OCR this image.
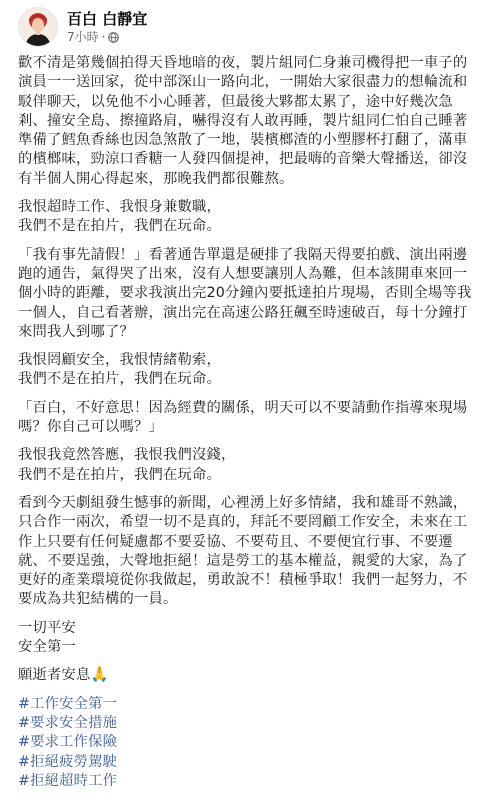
百白 白靜宜
7小時 ·

歡不清是第幾個拍得天昏地暗的夜，製片組同仁身兼司機得把一車子的演員一一送回家，從中部深山一路向北，一開始大家很盡力的想輪流和駁伴聊天，以免他不小心睡著，但最後大夥都太累了，途中好幾次急剎、撞安全島、擦撞路肩，嚇得沒有人敢再睡，製片組同仁怕自己睡著準備了鱈魚香絲也因急煞散了一地，裝檳榔渣的小塑膠杯打翻了，滿車的檳榔味，勁涼口香糖一人發四個提神，把最嗨的音樂大聲播送，卻沒有半個人開心得起來，那晚我們都很難熬。

我恨超時工作、我恨身兼數職，
我們不是在拍片，我們在玩命。

「我有事先請假！」看著通告單還是硬排了我隔天得要拍戲、演出兩邊跑的通告，氣得哭了出來，沒有人想要讓別人為難，但本該開車來回一個小時的距離，要求我演出完20分鐘內要抵達拍片現場，否則全場等我一個人，自己看著辦，演出完在高速公路狂飆至時速破百，每十分鐘打來問我人到哪了？

我恨罔顧安全，我恨情緒勒索，
我們不是在拍片，我們在玩命。

「百白，不好意思！因為經費的關係，明天可以不要請動作指導來現場嗎？你自己可以嗎？」

我恨我竟然答應，我恨我們沒錢，
我們不是在拍片，我們在玩命。

看到今天劇組發生憾事的新聞，心裡湧上好多情緒，我和雄哥不熟識，只合作一兩次，希望一切不是真的，拜託不要罔顧工作安全，未來在工作上只要有任何疑慮都不要妥協、不要苟且、不要便宜行事、不要遷就、不要逞強，大聲地拒絕！這是勞工的基本權益，親愛的大家，為了更好的產業環境從你我做起，勇敢說不！積極爭取！我們一起努力，不要成為共犯結構的一員。

一切平安
安全第一

願逝者安息🙏

#工作安全第一
#要求安全措施
#要求工作保險
#拒絕疲勞駕駛
#拒絕超時工作
